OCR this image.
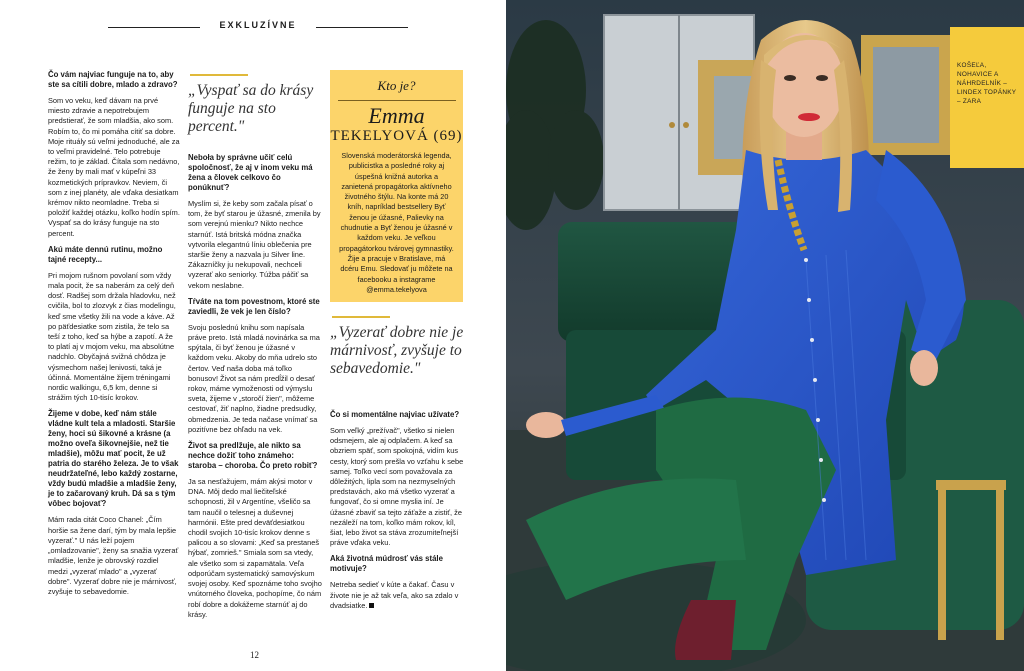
EXKLUZÍVNE

Čo vám najviac funguje na to, aby ste sa cítili dobre, mlado a zdravo?

Som vo veku, keď dávam na prvé miesto zdravie a nepotrebujem predstierať, že som mladšia, ako som. Robím to, čo mi pomáha cítiť sa dobre. Moje rituály sú veľmi jednoduché, ale za to veľmi pravidelné. Telo potrebuje režim, to je základ. Čítala som nedávno, že ženy by mali mať v kúpeľni 33 kozmetických prípravkov. Neviem, či som z inej planéty, ale vďaka desiatkam krémov nikto neomladne. Treba si položiť každej otázku, koľko hodín spím. Vyspať sa do krásy funguje na sto percent.

Akú máte dennú rutinu, možno tajné recepty...

Pri mojom rušnom povolaní som vždy mala pocit, že sa naberám za celý deň dosť. Radšej som držala hladovku, než cvičila, bol to zlozvyk z čias modelingu, keď sme všetky žili na vode a káve. Až po päťdesiatke som zistila, že telo sa teší z toho, keď sa hýbe a zapotí. A že to platí aj v mojom veku, ma absolútne nadchlo. Obyčajná svižná chôdza je výsmechom našej lenivosti, taká je účinná. Momentálne žijem tréningami nordic walkingu, 6,5 km, denne si strážim tých 10-tisíc krokov.

Žijeme v dobe, keď nám stále vládne kult tela a mladosti. Staršie ženy, hoci sú šikovné a krásne (a možno oveľa šikovnejšie, než tie mladšie), môžu mať pocit, že už patria do starého železa. Je to však neudržateľné, lebo každý zostarne, vždy budú mladšie a mladšie ženy, je to začarovaný kruh. Dá sa s tým vôbec bojovať?

Mám rada citát Coco Chanel: „Čím horšie sa žene darí, tým by mala lepšie vyzerať." U nás leží pojem „omladzovanie", ženy sa snažia vyzerať mladšie, lenže je obrovský rozdiel medzi „vyzerať mlado" a „vyzerať dobre". Vyzerať dobre nie je márnivosť, zvyšuje to sebavedomie.

„Vyspať sa do krásy funguje na sto percent."

Neboła by správne učiť celú spoločnosť, že aj v inom veku má žena a človek celkovo čo ponúknuť?

Myslím si, že keby som začala písať o tom, že byť starou je úžasné, zmenila by som verejnú mienku? Nikto nechce starnúť. Istá britská módna značka vytvorila elegantnú líniu oblečenia pre staršie ženy a nazvala ju Silver line. Zákazníčky ju nekupovali, nechceli vyzerať ako seniorky. Túžba páčiť sa vekom neslabne.

Tŕváte na tom povestnom, ktoré ste zaviedli, že vek je len číslo?

Svoju poslednú knihu som napísala práve preto. Istá mladá novinárka sa ma spýtala, či byť ženou je úžasné v každom veku. Akoby do mňa udrelo sto čertov. Veď naša doba má toľko bonusov! Život sa nám predĺžil o desať rokov, máme vymoženosti od výmyslu sveta, žijeme v „storočí žien", môžeme cestovať, žiť naplno, žiadne predsudky, obmedzenia. Je teda načase vnímať sa pozitívne bez ohľadu na vek.

Život sa predlžuje, ale nikto sa nechce dožiť toho známeho: staroba – choroba. Čo preto robiť?

Ja sa nesťažujem, mám akýsi motor v DNA. Môj dedo mal liečiteľské schopnosti, žil v Argentíne, všeličo sa tam naučil o telesnej a duševnej harmónii. Ešte pred deväťdesiatkou chodil svojich 10-tisíc krokov denne s palicou a so slovami: „Keď sa prestaneš hýbať, zomrieš." Smiala som sa vtedy, ale všetko som si zapamätala. Veľa odporúčam systematický samovýskum svojej osoby. Keď spoznáme toho svojho vnútorného človeka, pochopíme, čo nám robí dobre a dokážeme starnúť aj do krásy.

Kto je?
Emma
TEKELYOVÁ (69)
Slovenská moderátorská legenda, publicistka a posledné roky aj úspešná knižná autorka a zanietená propagátorka aktívneho životného štýlu. Na konte má 20 kníh, napríklad bestsellery Byť ženou je úžasné, Palievky na chudnutie a Byť ženou je úžasné v každom veku. Je veľkou propagátorkou tvárovej gymnastiky. Žije a pracuje v Bratislave, má dcéru Emu. Sledovať ju môžete na facebooku a instagrame @emma.tekelyova
„Vyzerať dobre nie je márnivosť, zvyšuje to sebavedomie."

Čo si momentálne najviac užívate?

Som veľký „prežívač", všetko si nielen odsmejem, ale aj odplačem. A keď sa obzriem späť, som spokojná, vidím kus cesty, ktorý som prešla vo vzťahu k sebe samej. Toľko vecí som považovala za dôležitých, lipla som na nezmyselných predstavách, ako má všetko vyzerať a fungovať, čo si omne myslia iní. Je úžasné zbaviť sa tejto záťaže a zistiť, že nezáleží na tom, koľko mám rokov, kíl, šiat, lebo život sa stáva zrozumiteľnejší práve vďaka veku.

Aká životná múdrosť vás stále motivuje?

Netreba sedieť v kúte a čakať. Času v živote nie je až tak veľa, ako sa zdalo v dvadsiatke.

12
KOŠEĽA, NOHAVICE A NÁHRDELNÍK – LINDEX TOPÁNKY – ZARA
